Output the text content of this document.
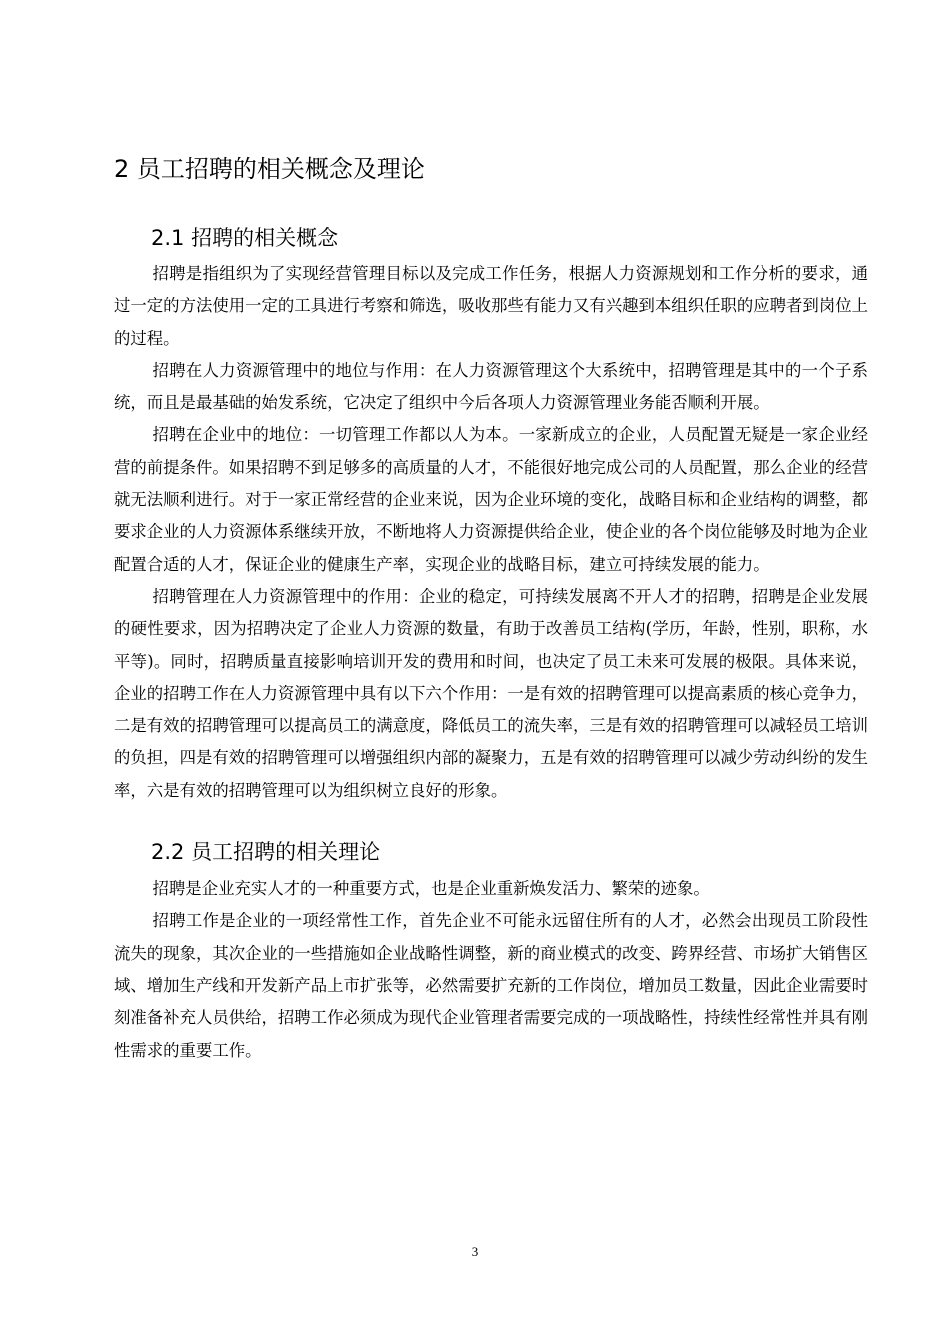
2 员工招聘的相关概念及理论
2.1 招聘的相关概念

招聘是指组织为了实现经营管理目标以及完成工作任务，根据人力资源规划和工作分析的要求，通过一定的方法使用一定的工具进行考察和筛选，吸收那些有能力又有兴趣到本组织任职的应聘者到岗位上的过程。

招聘在人力资源管理中的地位与作用：在人力资源管理这个大系统中，招聘管理是其中的一个子系统，而且是最基础的始发系统，它决定了组织中今后各项人力资源管理业务能否顺利开展。

招聘在企业中的地位：一切管理工作都以人为本。一家新成立的企业，人员配置无疑是一家企业经营的前提条件。如果招聘不到足够多的高质量的人才，不能很好地完成公司的人员配置，那么企业的经营就无法顺利进行。对于一家正常经营的企业来说，因为企业环境的变化，战略目标和企业结构的调整，都要求企业的人力资源体系继续开放，不断地将人力资源提供给企业，使企业的各个岗位能够及时地为企业配置合适的人才，保证企业的健康生产率，实现企业的战略目标，建立可持续发展的能力。

招聘管理在人力资源管理中的作用：企业的稳定，可持续发展离不开人才的招聘，招聘是企业发展的硬性要求，因为招聘决定了企业人力资源的数量，有助于改善员工结构(学历，年龄，性别，职称，水平等)。同时，招聘质量直接影响培训开发的费用和时间，也决定了员工未来可发展的极限。具体来说，企业的招聘工作在人力资源管理中具有以下六个作用：一是有效的招聘管理可以提高素质的核心竞争力，二是有效的招聘管理可以提高员工的满意度，降低员工的流失率，三是有效的招聘管理可以减轻员工培训的负担，四是有效的招聘管理可以增强组织内部的凝聚力，五是有效的招聘管理可以减少劳动纠纷的发生率，六是有效的招聘管理可以为组织树立良好的形象。

2.2 员工招聘的相关理论

招聘是企业充实人才的一种重要方式，也是企业重新焕发活力、繁荣的迹象。

招聘工作是企业的一项经常性工作，首先企业不可能永远留住所有的人才，必然会出现员工阶段性流失的现象，其次企业的一些措施如企业战略性调整，新的商业模式的改变、跨界经营、市场扩大销售区域、增加生产线和开发新产品上市扩张等，必然需要扩充新的工作岗位，增加员工数量，因此企业需要时刻准备补充人员供给，招聘工作必须成为现代企业管理者需要完成的一项战略性，持续性经常性并具有刚性需求的重要工作。

3
